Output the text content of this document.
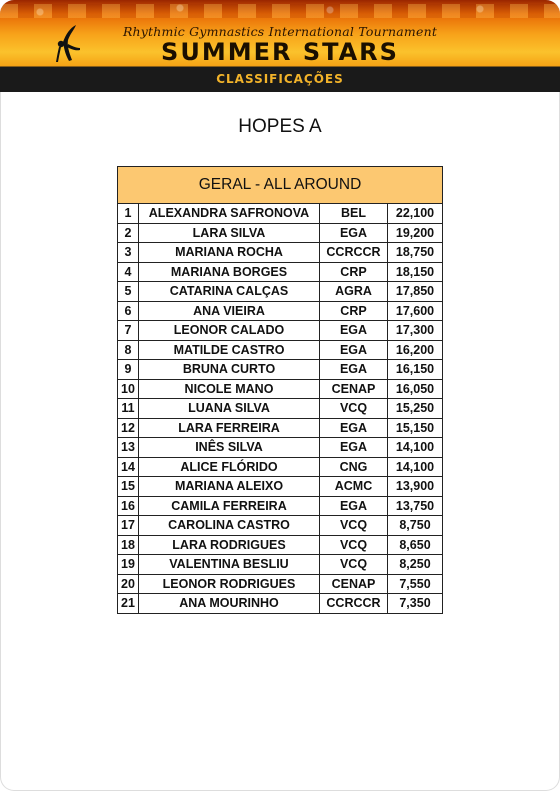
Rhythmic Gymnastics International Tournament
SUMMER STARS
CLASSIFICAÇÕES
HOPES A
GERAL - ALL AROUND			
1	ALEXANDRA SAFRONOVA	BEL	22,100
2	LARA SILVA	EGA	19,200
3	MARIANA ROCHA	CCRCCR	18,750
4	MARIANA BORGES	CRP	18,150
5	CATARINA CALÇAS	AGRA	17,850
6	ANA VIEIRA	CRP	17,600
7	LEONOR CALADO	EGA	17,300
8	MATILDE CASTRO	EGA	16,200
9	BRUNA CURTO	EGA	16,150
10	NICOLE MANO	CENAP	16,050
11	LUANA SILVA	VCQ	15,250
12	LARA FERREIRA	EGA	15,150
13	INÊS SILVA	EGA	14,100
14	ALICE FLÓRIDO	CNG	14,100
15	MARIANA ALEIXO	ACMC	13,900
16	CAMILA FERREIRA	EGA	13,750
17	CAROLINA CASTRO	VCQ	8,750
18	LARA RODRIGUES	VCQ	8,650
19	VALENTINA BESLIU	VCQ	8,250
20	LEONOR RODRIGUES	CENAP	7,550
21	ANA MOURINHO	CCRCCR	7,350
